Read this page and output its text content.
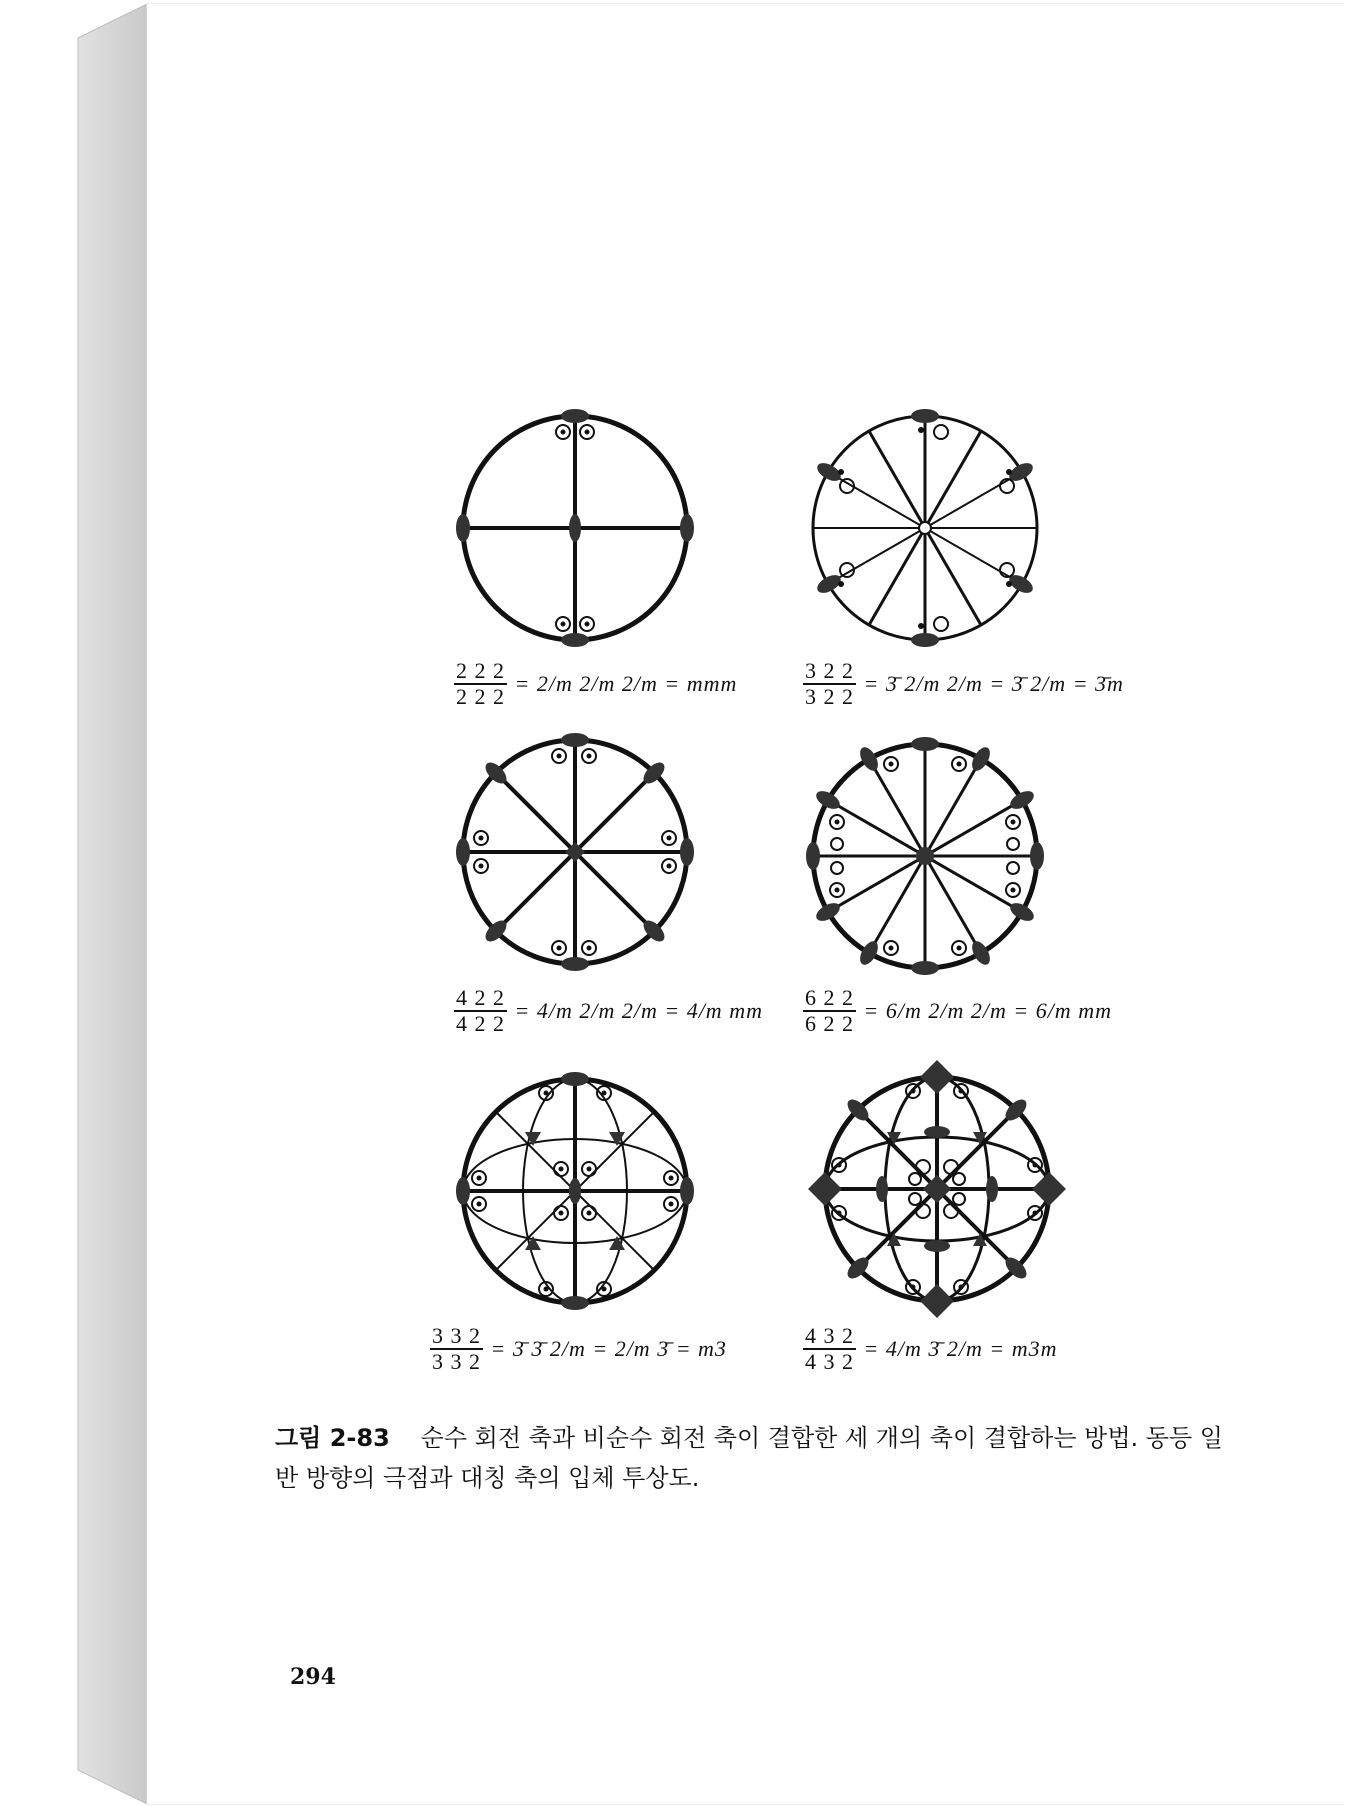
$\frac{2 2 2}{2 2 2} = 2/m$ 2/m 2/m = mmm	$\frac{3 2 2}{3 2 2}$ = 3̄ 2/m 2/m = 3̄ 2/m = 3̄m
$\frac{4 2 2}{4 2 2} = 4/m$ 2/m 2/m = 4/m mm $\frac{6 2 2}{6 2 2} = 6/m$ 2/m 2/m = 6/m mm
$\frac{3 3 2}{3 3 2}$ = 3̄ 3̄ 2/m = 2/m 3̄ = m3	$\frac{4 3 2}{4 3 2} = 4/m$ 3̄ 2/m = m3m
그림 2-83 순수 회전 축과 비순수 회전 축이 결합한 세 개의 축이 결합하는 방법. 동등 일반 방향의 극점과 대칭 축의 입체 투상도.
294
